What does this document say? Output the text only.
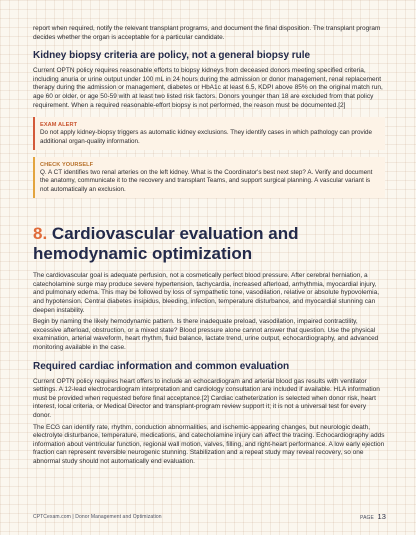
report when required, notify the relevant transplant programs, and document the final disposition. The transplant program decides whether the organ is acceptable for a particular candidate.

Kidney biopsy criteria are policy, not a general biopsy rule

Current OPTN policy requires reasonable efforts to biopsy kidneys from deceased donors meeting specified criteria, including anuria or urine output under 100 mL in 24 hours during the admission or donor management, renal replacement therapy during the admission or management, diabetes or HbA1c at least 6.5, KDPI above 85% on the original match run, age 60 or older, or age 50-59 with at least two listed risk factors. Donors younger than 18 are excluded from that policy requirement. When a required reasonable-effort biopsy is not performed, the reason must be documented.[2]

EXAM ALERT

Do not apply kidney-biopsy triggers as automatic kidney exclusions. They identify cases in which pathology can provide additional organ-quality information.

CHECK YOURSELF

Q. A CT identifies two renal arteries on the left kidney. What is the Coordinator's best next step? A. Verify and document the anatomy, communicate it to the recovery and transplant Teams, and support surgical planning. A vascular variant is not automatically an exclusion.

8. Cardiovascular evaluation and hemodynamic optimization

The cardiovascular goal is adequate perfusion, not a cosmetically perfect blood pressure. After cerebral herniation, a catecholamine surge may produce severe hypertension, tachycardia, increased afterload, arrhythmia, myocardial injury, and pulmonary edema. This may be followed by loss of sympathetic tone, vasodilation, relative or absolute hypovolemia, and hypotension. Central diabetes insipidus, bleeding, infection, temperature disturbance, and myocardial stunning can deepen instability.

Begin by naming the likely hemodynamic pattern. Is there inadequate preload, vasodilation, impaired contractility, excessive afterload, obstruction, or a mixed state? Blood pressure alone cannot answer that question. Use the physical examination, arterial waveform, heart rhythm, fluid balance, lactate trend, urine output, echocardiography, and advanced monitoring available in the case.

Required cardiac information and common evaluation

Current OPTN policy requires heart offers to include an echocardiogram and arterial blood gas results with ventilator settings. A 12-lead electrocardiogram interpretation and cardiology consultation are included if available. HLA information must be provided when requested before final acceptance.[2] Cardiac catheterization is selected when donor risk, heart interest, local criteria, or Medical Director and transplant-program review support it; it is not a universal test for every donor.

The ECG can identify rate, rhythm, conduction abnormalities, and ischemic-appearing changes, but neurologic death, electrolyte disturbance, temperature, medications, and catecholamine injury can affect the tracing. Echocardiography adds information about ventricular function, regional wall motion, valves, filling, and right-heart performance. A low early ejection fraction can represent reversible neurogenic stunning. Stabilization and a repeat study may reveal recovery, so one abnormal study should not automatically end evaluation.

CPTCexam.com | Donor Management and Optimization	PAGE 13
